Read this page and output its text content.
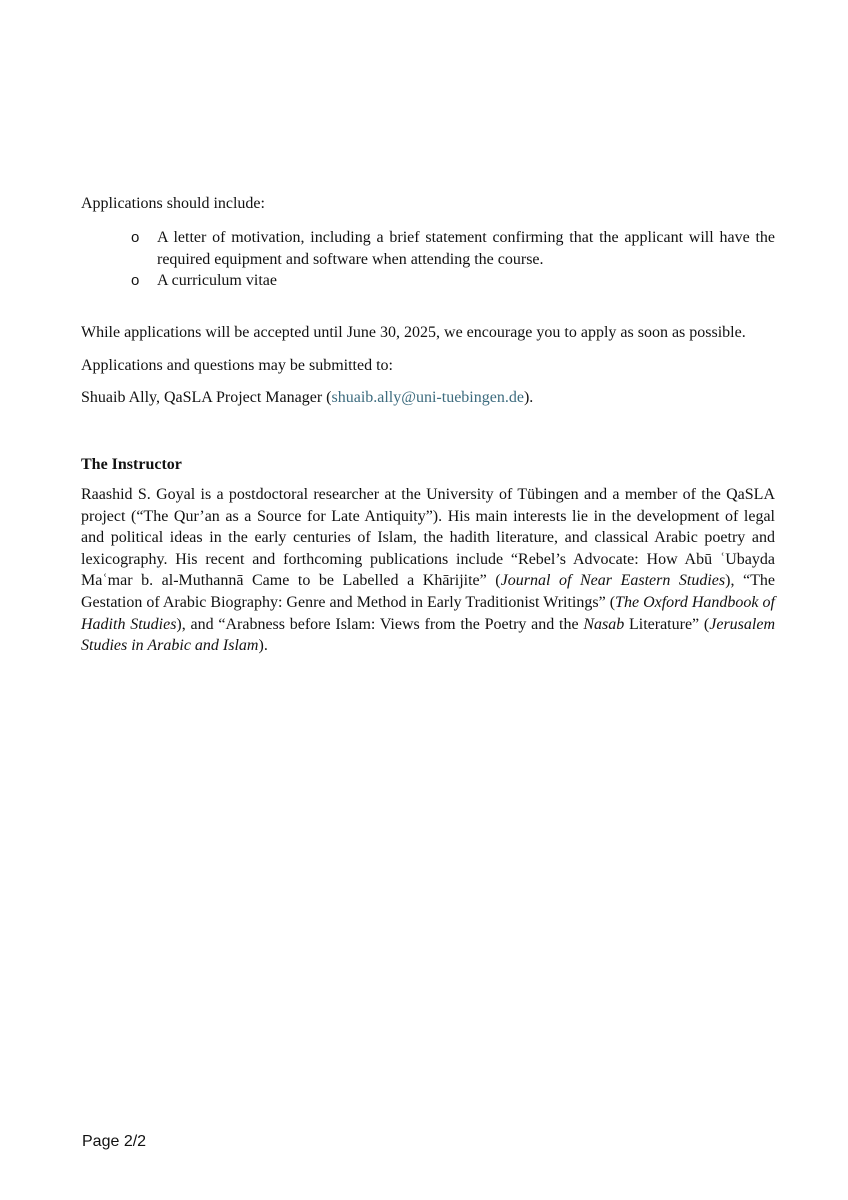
Applications should include:

o A letter of motivation, including a brief statement confirming that the applicant will have the required equipment and software when attending the course.
o A curriculum vitae

While applications will be accepted until June 30, 2025, we encourage you to apply as soon as possible.

Applications and questions may be submitted to:

Shuaib Ally, QaSLA Project Manager (shuaib.ally@uni-tuebingen.de).

The Instructor

Raashid S. Goyal is a postdoctoral researcher at the University of Tübingen and a member of the QaSLA project (“The Qur’an as a Source for Late Antiquity”). His main interests lie in the development of legal and political ideas in the early centuries of Islam, the hadith literature, and classical Arabic poetry and lexicography. His recent and forthcoming publications include “Rebel’s Advocate: How Abū ʿUbayda Maʿmar b. al-Muthannā Came to be Labelled a Khārijite” (Journal of Near Eastern Studies), “The Gestation of Arabic Biography: Genre and Method in Early Traditionist Writings” (The Oxford Handbook of Hadith Studies), and “Arabness before Islam: Views from the Poetry and the Nasab Literature” (Jerusalem Studies in Arabic and Islam).

Page 2/2
